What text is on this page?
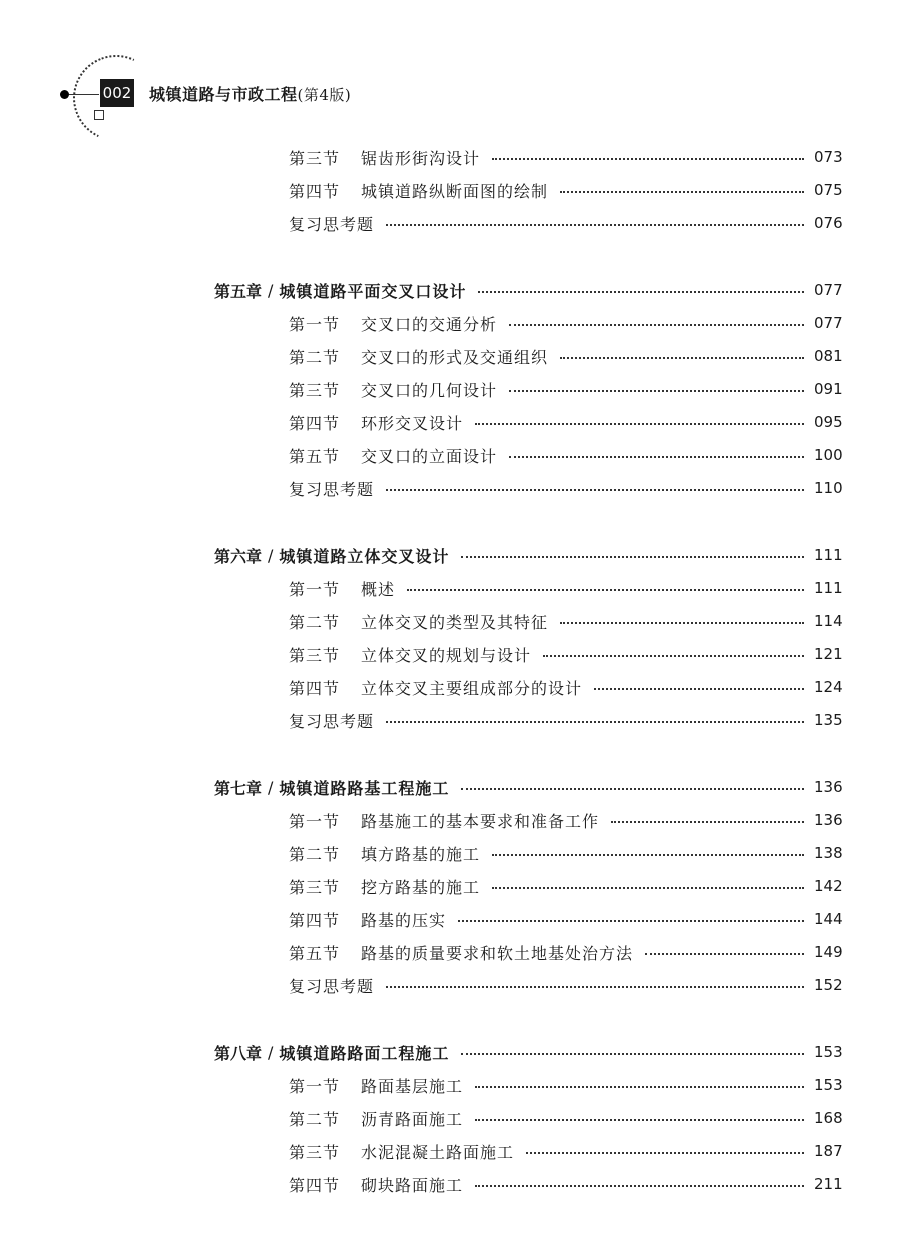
002 城镇道路与市政工程(第4版)
第三节	锯齿形街沟设计	073
第四节	城镇道路纵断面图的绘制	075
复习思考题	076
第五章 / 城镇道路平面交叉口设计	077
第一节	交叉口的交通分析	077
第二节	交叉口的形式及交通组织	081
第三节	交叉口的几何设计	091
第四节	环形交叉设计	095
第五节	交叉口的立面设计	100
复习思考题	110
第六章 / 城镇道路立体交叉设计	111
第一节	概述	111
第二节	立体交叉的类型及其特征	114
第三节	立体交叉的规划与设计	121
第四节	立体交叉主要组成部分的设计	124
复习思考题	135
第七章 / 城镇道路路基工程施工	136
第一节	路基施工的基本要求和准备工作	136
第二节	填方路基的施工	138
第三节	挖方路基的施工	142
第四节	路基的压实	144
第五节	路基的质量要求和软土地基处治方法	149
复习思考题	152
第八章 / 城镇道路路面工程施工	153
第一节	路面基层施工	153
第二节	沥青路面施工	168
第三节	水泥混凝土路面施工	187
第四节	砌块路面施工	211
